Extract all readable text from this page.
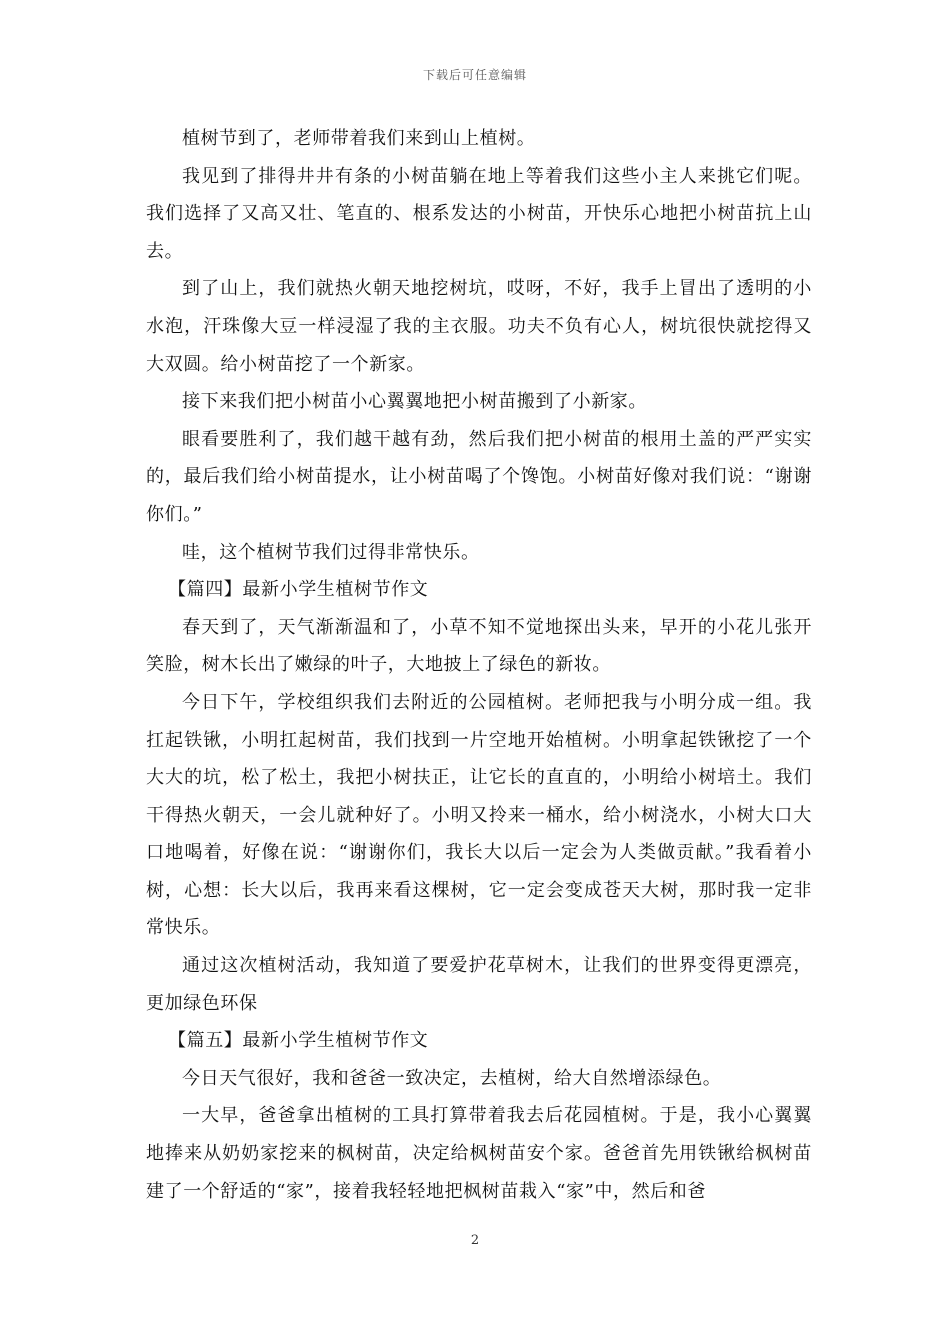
下载后可任意编辑

植树节到了，老师带着我们来到山上植树。

我见到了排得井井有条的小树苗躺在地上等着我们这些小主人来挑它们呢。我们选择了又高又壮、笔直的、根系发达的小树苗，开快乐心地把小树苗抗上山去。

到了山上，我们就热火朝天地挖树坑，哎呀，不好，我手上冒出了透明的小水泡，汗珠像大豆一样浸湿了我的主衣服。功夫不负有心人，树坑很快就挖得又大双圆。给小树苗挖了一个新家。

接下来我们把小树苗小心翼翼地把小树苗搬到了小新家。

眼看要胜利了，我们越干越有劲，然后我们把小树苗的根用土盖的严严实实的，最后我们给小树苗提水，让小树苗喝了个馋饱。小树苗好像对我们说：“谢谢你们。”

哇，这个植树节我们过得非常快乐。

【篇四】最新小学生植树节作文

春天到了，天气渐渐温和了，小草不知不觉地探出头来，早开的小花儿张开笑脸，树木长出了嫩绿的叶子，大地披上了绿色的新妆。

今日下午，学校组织我们去附近的公园植树。老师把我与小明分成一组。我扛起铁锹，小明扛起树苗，我们找到一片空地开始植树。小明拿起铁锹挖了一个大大的坑，松了松土，我把小树扶正，让它长的直直的，小明给小树培土。我们干得热火朝天，一会儿就种好了。小明又拎来一桶水，给小树浇水，小树大口大口地喝着，好像在说：“谢谢你们，我长大以后一定会为人类做贡献。”我看着小树，心想：长大以后，我再来看这棵树，它一定会变成苍天大树，那时我一定非常快乐。

通过这次植树活动，我知道了要爱护花草树木，让我们的世界变得更漂亮，更加绿色环保

【篇五】最新小学生植树节作文

今日天气很好，我和爸爸一致决定，去植树，给大自然增添绿色。

一大早，爸爸拿出植树的工具打算带着我去后花园植树。于是，我小心翼翼地捧来从奶奶家挖来的枫树苗，决定给枫树苗安个家。爸爸首先用铁锹给枫树苗建了一个舒适的“家”，接着我轻轻地把枫树苗栽入“家”中，然后和爸

2
